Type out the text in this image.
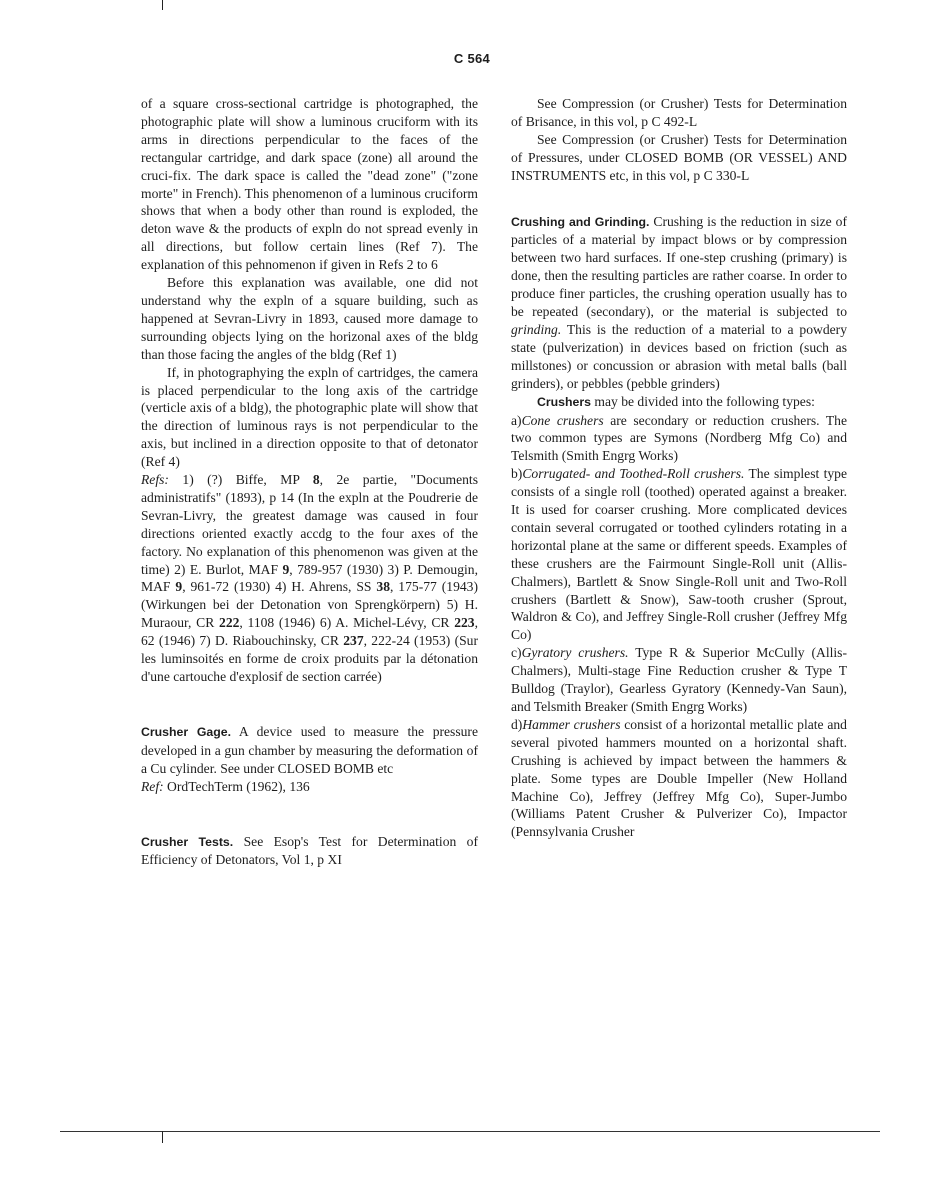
C 564

of a square cross-sectional cartridge is photographed, the photographic plate will show a luminous cruciform with its arms in directions perpendicular to the faces of the rectangular cartridge, and dark space (zone) all around the cruci-fix. The dark space is called the "dead zone" ("zone morte" in French). This phenomenon of a luminous cruciform shows that when a body other than round is exploded, the deton wave & the products of expln do not spread evenly in all directions, but follow certain lines (Ref 7). The explanation of this pehnomenon if given in Refs 2 to 6

Before this explanation was available, one did not understand why the expln of a square building, such as happened at Sevran-Livry in 1893, caused more damage to surrounding objects lying on the horizonal axes of the bldg than those facing the angles of the bldg (Ref 1)

If, in photographying the expln of cartridges, the camera is placed perpendicular to the long axis of the cartridge (verticle axis of a bldg), the photographic plate will show that the direction of luminous rays is not perpendicular to the axis, but inclined in a direction opposite to that of detonator (Ref 4)

Refs: 1) (?) Biffe, MP 8, 2e partie, "Documents administratifs" (1893), p 14 (In the expln at the Poudrerie de Sevran-Livry, the greatest damage was caused in four directions oriented exactly accdg to the four axes of the factory. No explanation of this phenomenon was given at the time) 2) E. Burlot, MAF 9, 789-957 (1930) 3) P. Demougin, MAF 9, 961-72 (1930) 4) H. Ahrens, SS 38, 175-77 (1943) (Wirkungen bei der Detonation von Sprengkörpern) 5) H. Muraour, CR 222, 1108 (1946) 6) A. Michel-Lévy, CR 223, 62 (1946) 7) D. Riabouchinsky, CR 237, 222-24 (1953) (Sur les luminsoités en forme de croix produits par la détonation d'une cartouche d'explosif de section carrée)

Crusher Gage. A device used to measure the pressure developed in a gun chamber by measuring the deformation of a Cu cylinder. See under CLOSED BOMB etc

Ref: OrdTechTerm (1962), 136

Crusher Tests. See Esop's Test for Determination of Efficiency of Detonators, Vol 1, p XI

See Compression (or Crusher) Tests for Determination of Brisance, in this vol, p C 492-L

See Compression (or Crusher) Tests for Determination of Pressures, under CLOSED BOMB (OR VESSEL) AND INSTRUMENTS etc, in this vol, p C 330-L

Crushing and Grinding. Crushing is the reduction in size of particles of a material by impact blows or by compression between two hard surfaces. If one-step crushing (primary) is done, then the resulting particles are rather coarse. In order to produce finer particles, the crushing operation usually has to be repeated (secondary), or the material is subjected to grinding. This is the reduction of a material to a powdery state (pulverization) in devices based on friction (such as millstones) or concussion or abrasion with metal balls (ball grinders), or pebbles (pebble grinders)

Crushers may be divided into the following types:

a)Cone crushers are secondary or reduction crushers. The two common types are Symons (Nordberg Mfg Co) and Telsmith (Smith Engrg Works)

b)Corrugated- and Toothed-Roll crushers. The simplest type consists of a single roll (toothed) operated against a breaker. It is used for coarser crushing. More complicated devices contain several corrugated or toothed cylinders rotating in a horizontal plane at the same or different speeds. Examples of these crushers are the Fairmount Single-Roll unit (Allis-Chalmers), Bartlett & Snow Single-Roll unit and Two-Roll crushers (Bartlett & Snow), Saw-tooth crusher (Sprout, Waldron & Co), and Jeffrey Single-Roll crusher (Jeffrey Mfg Co)

c)Gyratory crushers. Type R & Superior McCully (Allis-Chalmers), Multi-stage Fine Reduction crusher & Type T Bulldog (Traylor), Gearless Gyratory (Kennedy-Van Saun), and Telsmith Breaker (Smith Engrg Works)

d)Hammer crushers consist of a horizontal metallic plate and several pivoted hammers mounted on a horizontal shaft. Crushing is achieved by impact between the hammers & plate. Some types are Double Impeller (New Holland Machine Co), Jeffrey (Jeffrey Mfg Co), Super-Jumbo (Williams Patent Crusher & Pulverizer Co), Impactor (Pennsylvania Crusher
